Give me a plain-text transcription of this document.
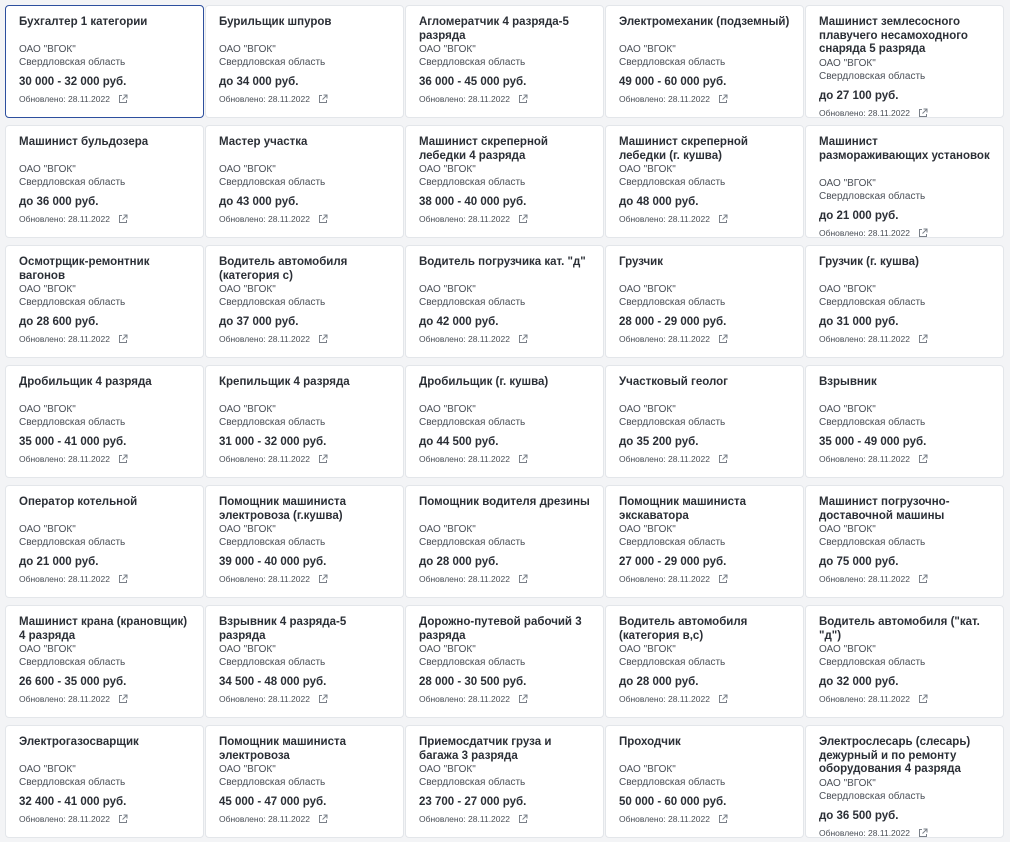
Бухгалтер 1 категории
ОАО "ВГОК"
Свердловская область
30 000 - 32 000 руб.
Обновлено: 28.11.2022
Бурильщик шпуров
ОАО "ВГОК"
Свердловская область
до 34 000 руб.
Обновлено: 28.11.2022
Агломератчик 4 разряда-5 разряда
ОАО "ВГОК"
Свердловская область
36 000 - 45 000 руб.
Обновлено: 28.11.2022
Электромеханик (подземный)
ОАО "ВГОК"
Свердловская область
49 000 - 60 000 руб.
Обновлено: 28.11.2022
Машинист землесосного плавучего несамоходного снаряда 5 разряда
ОАО "ВГОК"
Свердловская область
до 27 100 руб.
Обновлено: 28.11.2022
Машинист бульдозера
ОАО "ВГОК"
Свердловская область
до 36 000 руб.
Обновлено: 28.11.2022
Мастер участка
ОАО "ВГОК"
Свердловская область
до 43 000 руб.
Обновлено: 28.11.2022
Машинист скреперной лебедки 4 разряда
ОАО "ВГОК"
Свердловская область
38 000 - 40 000 руб.
Обновлено: 28.11.2022
Машинист скреперной лебедки (г. кушва)
ОАО "ВГОК"
Свердловская область
до 48 000 руб.
Обновлено: 28.11.2022
Машинист размораживающих установок
ОАО "ВГОК"
Свердловская область
до 21 000 руб.
Обновлено: 28.11.2022
Осмотрщик-ремонтник вагонов
ОАО "ВГОК"
Свердловская область
до 28 600 руб.
Обновлено: 28.11.2022
Водитель автомобиля (категория с)
ОАО "ВГОК"
Свердловская область
до 37 000 руб.
Обновлено: 28.11.2022
Водитель погрузчика кат. "д"
ОАО "ВГОК"
Свердловская область
до 42 000 руб.
Обновлено: 28.11.2022
Грузчик
ОАО "ВГОК"
Свердловская область
28 000 - 29 000 руб.
Обновлено: 28.11.2022
Грузчик (г. кушва)
ОАО "ВГОК"
Свердловская область
до 31 000 руб.
Обновлено: 28.11.2022
Дробильщик 4 разряда
ОАО "ВГОК"
Свердловская область
35 000 - 41 000 руб.
Обновлено: 28.11.2022
Крепильщик 4 разряда
ОАО "ВГОК"
Свердловская область
31 000 - 32 000 руб.
Обновлено: 28.11.2022
Дробильщик (г. кушва)
ОАО "ВГОК"
Свердловская область
до 44 500 руб.
Обновлено: 28.11.2022
Участковый геолог
ОАО "ВГОК"
Свердловская область
до 35 200 руб.
Обновлено: 28.11.2022
Взрывник
ОАО "ВГОК"
Свердловская область
35 000 - 49 000 руб.
Обновлено: 28.11.2022
Оператор котельной
ОАО "ВГОК"
Свердловская область
до 21 000 руб.
Обновлено: 28.11.2022
Помощник машиниста электровоза (г.кушва)
ОАО "ВГОК"
Свердловская область
39 000 - 40 000 руб.
Обновлено: 28.11.2022
Помощник водителя дрезины
ОАО "ВГОК"
Свердловская область
до 28 000 руб.
Обновлено: 28.11.2022
Помощник машиниста экскаватора
ОАО "ВГОК"
Свердловская область
27 000 - 29 000 руб.
Обновлено: 28.11.2022
Машинист погрузочно-доставочной машины
ОАО "ВГОК"
Свердловская область
до 75 000 руб.
Обновлено: 28.11.2022
Машинист крана (крановщик) 4 разряда
ОАО "ВГОК"
Свердловская область
26 600 - 35 000 руб.
Обновлено: 28.11.2022
Взрывник 4 разряда-5 разряда
ОАО "ВГОК"
Свердловская область
34 500 - 48 000 руб.
Обновлено: 28.11.2022
Дорожно-путевой рабочий 3 разряда
ОАО "ВГОК"
Свердловская область
28 000 - 30 500 руб.
Обновлено: 28.11.2022
Водитель автомобиля (категория в,с)
ОАО "ВГОК"
Свердловская область
до 28 000 руб.
Обновлено: 28.11.2022
Водитель автомобиля ("кат. "д")
ОАО "ВГОК"
Свердловская область
до 32 000 руб.
Обновлено: 28.11.2022
Электрогазосварщик
ОАО "ВГОК"
Свердловская область
32 400 - 41 000 руб.
Обновлено: 28.11.2022
Помощник машиниста электровоза
ОАО "ВГОК"
Свердловская область
45 000 - 47 000 руб.
Обновлено: 28.11.2022
Приемосдатчик груза и багажа 3 разряда
ОАО "ВГОК"
Свердловская область
23 700 - 27 000 руб.
Обновлено: 28.11.2022
Проходчик
ОАО "ВГОК"
Свердловская область
50 000 - 60 000 руб.
Обновлено: 28.11.2022
Электрослесарь (слесарь) дежурный и по ремонту оборудования 4 разряда
ОАО "ВГОК"
Свердловская область
до 36 500 руб.
Обновлено: 28.11.2022
